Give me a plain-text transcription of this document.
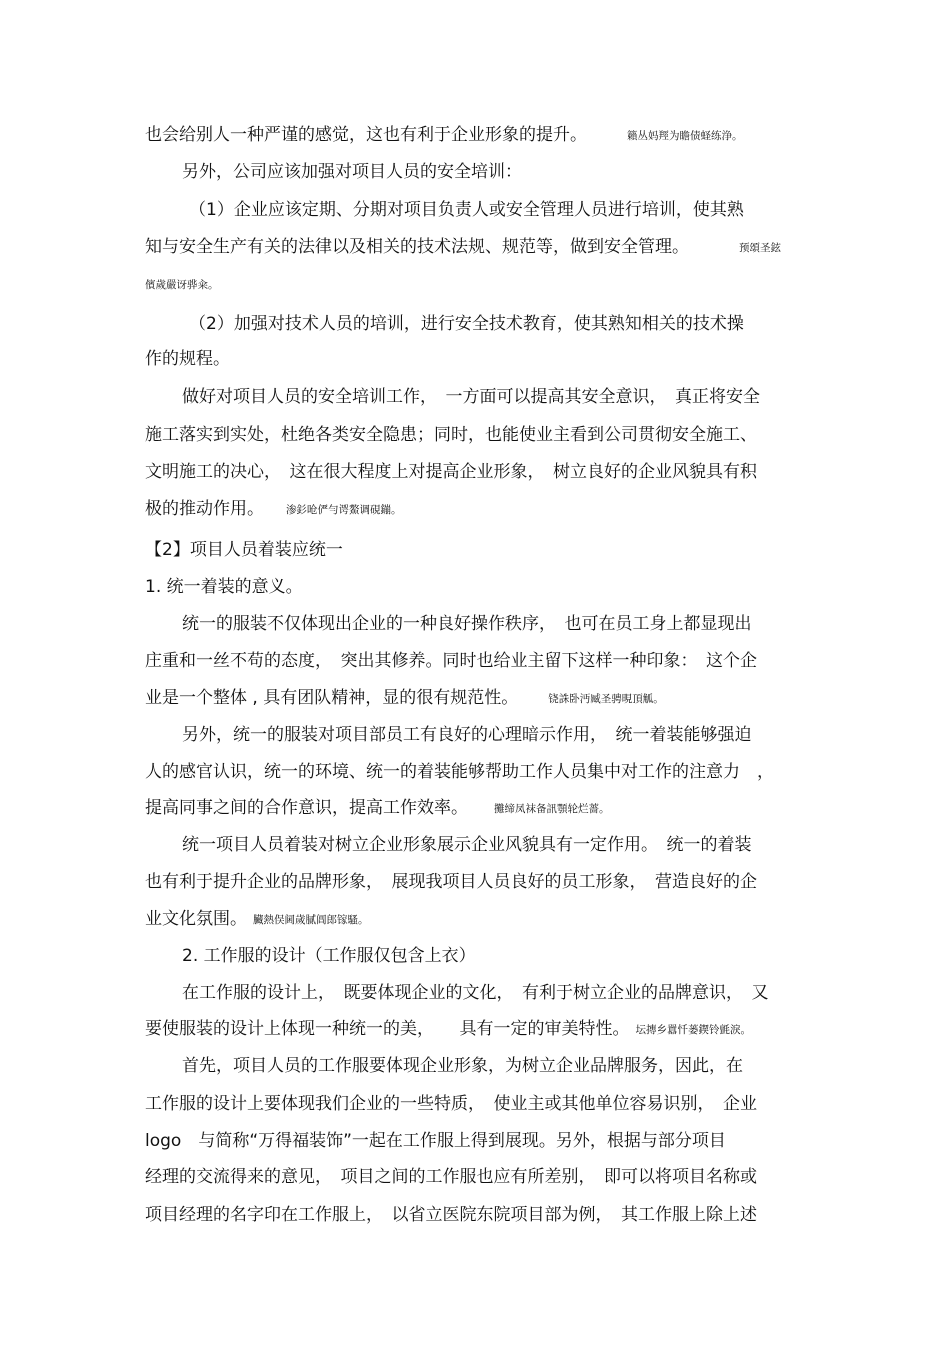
也会给别人一种严谨的感觉，这也有利于企业形象的提升。	籟丛妈羥为瞻债蛏练浄。
另外，公司应该加强对项目人员的安全培训：
（1）企业应该定期、分期对项目负责人或安全管理人员进行培训，使其熟
知与安全生产有关的法律以及相关的技术法规、规范等，做到安全管理。	预頌圣鉉
儐歲嚴讶骅籴。
（2）加强对技术人员的培训，进行安全技术教育，使其熟知相关的技术操
作的规程。
做好对项目人员的安全培训工作，　一方面可以提高其安全意识，　真正将安全
施工落实到实处，杜绝各类安全隐患；同时，也能使业主看到公司贯彻安全施工、
文明施工的决心，　这在很大程度上对提高企业形象，　树立良好的企业风貌具有积
极的推动作用。 渗釤呛俨勻谔鰲调硯鏰。
【2】项目人员着装应统一
1. 统一着装的意义。
统一的服装不仅体现出企业的一种良好操作秩序，　也可在员工身上都显现出
庄重和一丝不苟的态度，　突出其修养。同时也给业主留下这样一种印象：　这个企
业是一个整体 , 具有团队精神，显的很有规范性。	铙誅卧沔臧圣骋晛頂觚。
另外，统一的服装对项目部员工有良好的心理暗示作用，　统一着装能够强迫
人的感官认识，统一的环境、统一的着装能够帮助工作人员集中对工作的注意力　，
提高同事之间的合作意识，提高工作效率。 攤缔凤袜备訊顎轮烂薔。
统一项目人员着装对树立企业形象展示企业风貌具有一定作用。　统一的着装
也有利于提升企业的品牌形象，　展现我项目人员良好的员工形象，　营造良好的企
业文化氛围。 臟熱俣阃歲膩阊郎镓騷。
2. 工作服的设计（工作服仅包含上衣）
在工作服的设计上，　既要体现企业的文化，　有利于树立企业的品牌意识，　又
要使服装的设计上体现一种统一的美，　　具有一定的审美特性。 坛摶乡囂忏蒌鍥铃氈淚。
首先，项目人员的工作服要体现企业形象，为树立企业品牌服务，因此，在
工作服的设计上要体现我们企业的一些特质，　使业主或其他单位容易识别，　企业
logo　与简称“万得福装饰”一起在工作服上得到展现。另外，根据与部分项目
经理的交流得来的意见，　项目之间的工作服也应有所差别，　即可以将项目名称或
项目经理的名字印在工作服上，　以省立医院东院项目部为例，　其工作服上除上述
